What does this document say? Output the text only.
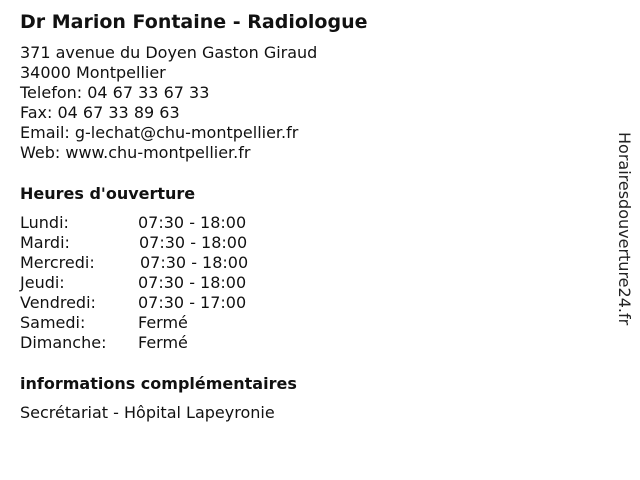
Dr Marion Fontaine - Radiologue
371 avenue du Doyen Gaston Giraud
34000 Montpellier
Telefon: 04 67 33 67 33
Fax: 04 67 33 89 63
Email: g-lechat@chu-montpellier.fr
Web: www.chu-montpellier.fr
Heures d'ouverture
Lundi:	07:30 - 18:00
Mardi:	07:30 - 18:00
Mercredi:	07:30 - 18:00
Jeudi:	07:30 - 18:00
Vendredi:	07:30 - 17:00
Samedi:	Fermé
Dimanche: Fermé
informations complémentaires
Secrétariat - Hôpital Lapeyronie
Horairesdouverture24.fr
